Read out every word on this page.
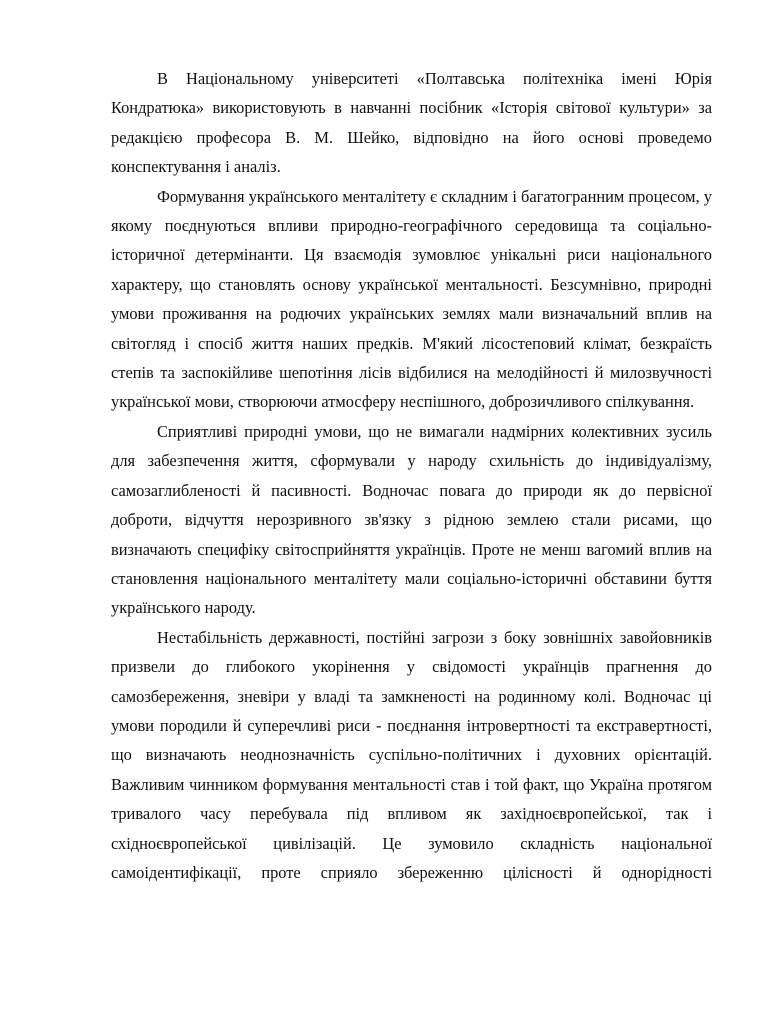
В Національному університеті «Полтавська політехніка імені Юрія Кондратюка» використовують в навчанні посібник «Історія світової культури» за редакцією професора В. М. Шейко, відповідно на його основі проведемо конспектування і аналіз.

Формування українського менталітету є складним і багатогранним процесом, у якому поєднуються впливи природно-географічного середовища та соціально-історичної детермінанти. Ця взаємодія зумовлює унікальні риси національного характеру, що становлять основу української ментальності. Безсумнівно, природні умови проживання на родючих українських землях мали визначальний вплив на світогляд і спосіб життя наших предків. М'який лісостеповий клімат, безкраїсть степів та заспокійливе шепотіння лісів відбилися на мелодійності й милозвучності української мови, створюючи атмосферу неспішного, доброзичливого спілкування.

Сприятливі природні умови, що не вимагали надмірних колективних зусиль для забезпечення життя, сформували у народу схильність до індивідуалізму, самозаглибленості й пасивності. Водночас повага до природи як до первісної доброти, відчуття нерозривного зв'язку з рідною землею стали рисами, що визначають специфіку світосприйняття українців. Проте не менш вагомий вплив на становлення національного менталітету мали соціально-історичні обставини буття українського народу.

Нестабільність державності, постійні загрози з боку зовнішніх завойовників призвели до глибокого укорінення у свідомості українців прагнення до самозбереження, зневіри у владі та замкненості на родинному колі. Водночас ці умови породили й суперечливі риси - поєднання інтровертності та екстравертності, що визначають неоднозначність суспільно-політичних і духовних орієнтацій. Важливим чинником формування ментальності став і той факт, що Україна протягом тривалого часу перебувала під впливом як західноєвропейської, так і східноєвропейської цивілізацій. Це зумовило складність національної самоідентифікації, проте сприяло збереженню цілісності й однорідності
